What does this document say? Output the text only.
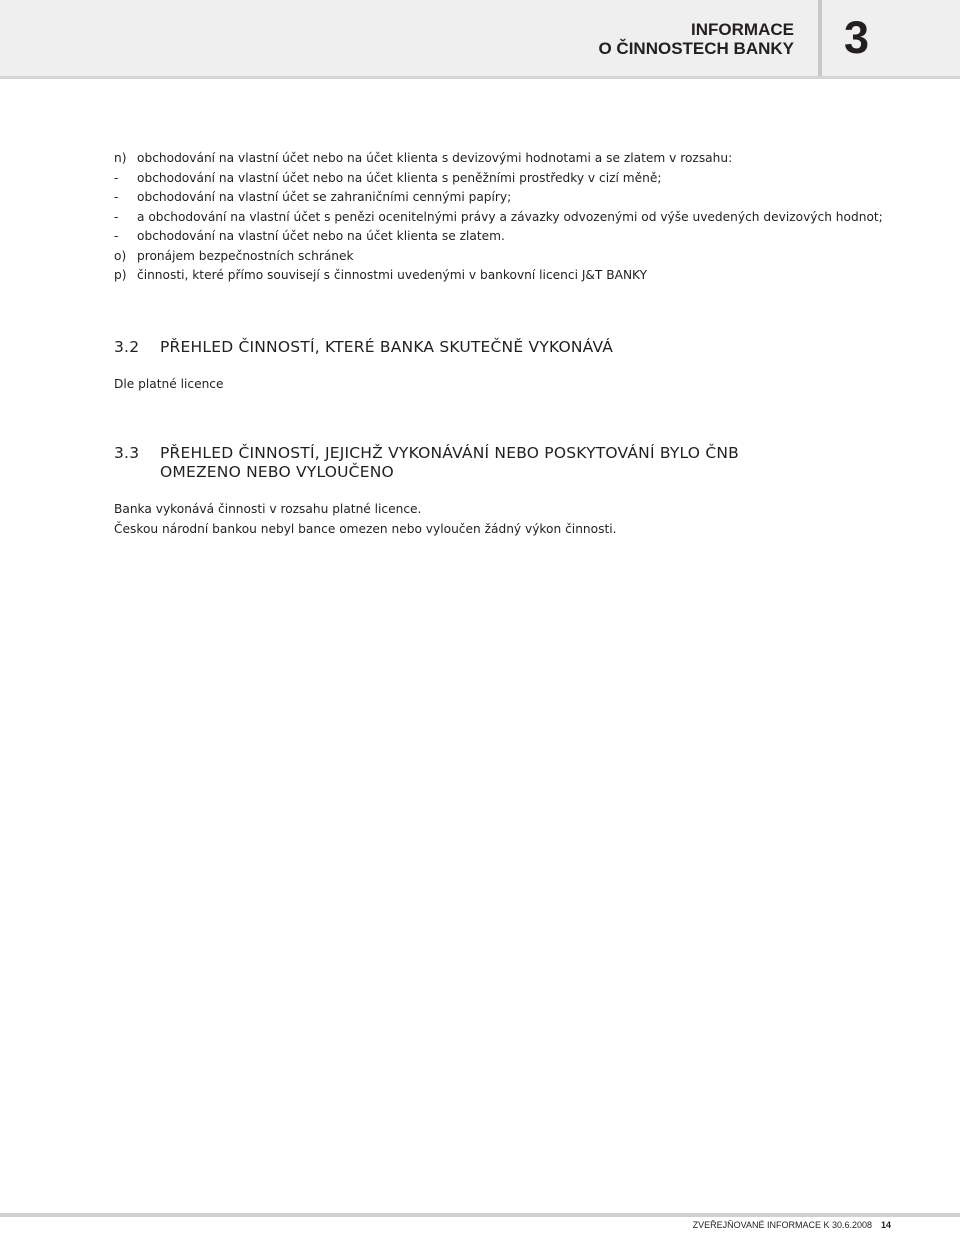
INFORMACE
O ČINNOSTECH BANKY 3
n) obchodování na vlastní účet nebo na účet klienta s devizovými hodnotami a se zlatem v rozsahu:
- obchodování na vlastní účet nebo na účet klienta s peněžními prostředky v cizí měně;
- obchodování na vlastní účet se zahraničními cennými papíry;
- a obchodování na vlastní účet s penězi ocenitelnými právy a závazky odvozenými od výše uvedených devizových hodnot;
- obchodování na vlastní účet nebo na účet klienta se zlatem.
o) pronájem bezpečnostních schránek
p) činnosti, které přímo souvisejí s činnostmi uvedenými v bankovní licenci J&T BANKY
3.2 PŘEHLED ČINNOSTÍ, KTERÉ BANKA SKUTEČNĚ VYKONÁVÁ
Dle platné licence
3.3 PŘEHLED ČINNOSTÍ, JEJICHŽ VYKONÁVÁNÍ NEBO POSKYTOVÁNÍ BYLO ČNB
OMEZENO NEBO VYLOUČENO
Banka vykonává činnosti v rozsahu platné licence.
Českou národní bankou nebyl bance omezen nebo vyloučen žádný výkon činnosti.
ZVEŘEJŇOVANÉ INFORMACE K 30.6.2008 14
